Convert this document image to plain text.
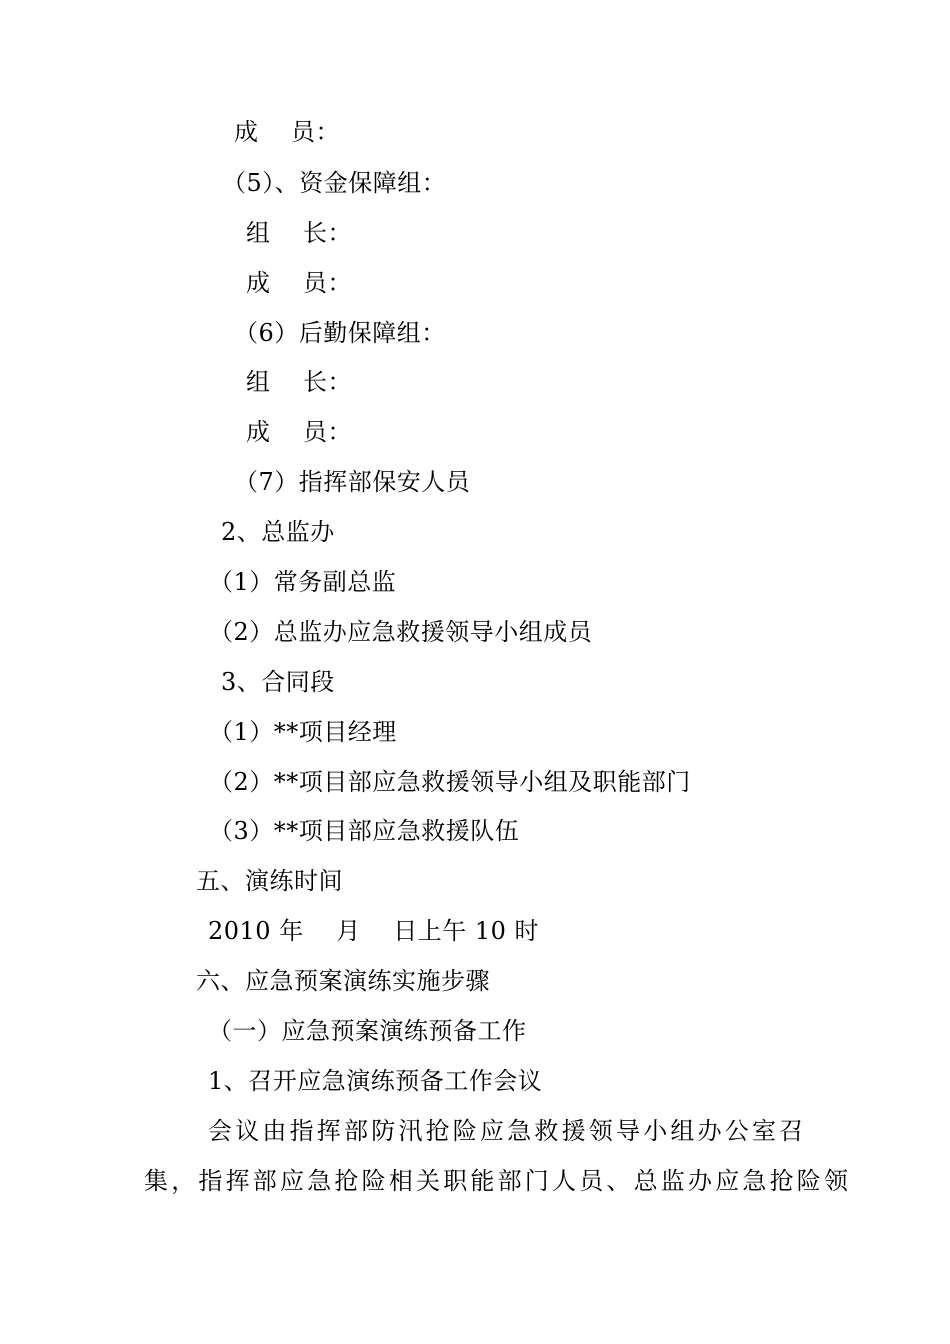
成    员：
（5）、资金保障组：
组    长：
成    员：
（6）后勤保障组：
组    长：
成    员：
（7）指挥部保安人员
2、总监办
（1）常务副总监
（2）总监办应急救援领导小组成员
3、合同段
（1）**项目经理
（2）**项目部应急救援领导小组及职能部门
（3）**项目部应急救援队伍
五、演练时间
2010 年    月    日上午 10 时
六、应急预案演练实施步骤
（一）应急预案演练预备工作
1、召开应急演练预备工作会议
会议由指挥部防汛抢险应急救援领导小组办公室召
集，指挥部应急抢险相关职能部门人员、总监办应急抢险领
